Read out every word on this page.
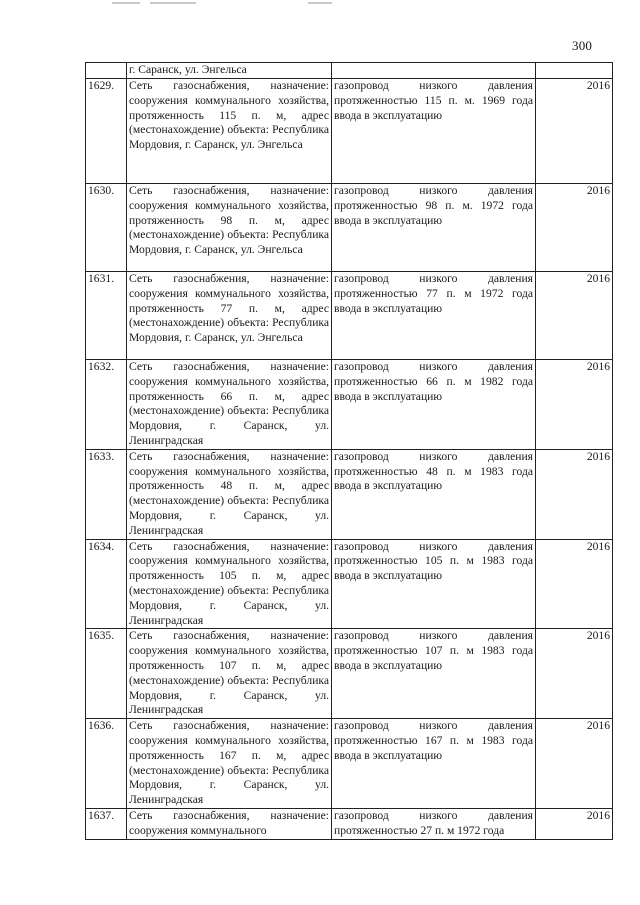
300

	г. Саранск, ул. Энгельса		

1629.	Сеть газоснабжения, назначение: сооружения коммунального хозяйства, протяженность 115 п. м, адрес (местонахождение) объекта: Республика Мордовия, г. Саранск, ул. Энгельса	газопровод низкого давления протяженностью 115 п. м. 1969 года ввода в эксплуатацию	2016
1630.	Сеть газоснабжения, назначение: сооружения коммунального хозяйства, протяженность 98 п. м, адрес (местонахождение) объекта: Республика Мордовия, г. Саранск, ул. Энгельса	газопровод низкого давления протяженностью 98 п. м. 1972 года ввода в эксплуатацию	2016
1631.	Сеть газоснабжения, назначение: сооружения коммунального хозяйства, протяженность 77 п. м, адрес (местонахождение) объекта: Республика Мордовия, г. Саранск, ул. Энгельса	газопровод низкого давления протяженностью 77 п. м 1972 года ввода в эксплуатацию	2016
1632.	Сеть газоснабжения, назначение: сооружения коммунального хозяйства, протяженность 66 п. м, адрес (местонахождение) объекта: Республика Мордовия, г. Саранск, ул. Ленинградская	газопровод низкого давления протяженностью 66 п. м 1982 года ввода в эксплуатацию	2016
1633.	Сеть газоснабжения, назначение: сооружения коммунального хозяйства, протяженность 48 п. м, адрес (местонахождение) объекта: Республика Мордовия, г. Саранск, ул. Ленинградская	газопровод низкого давления протяженностью 48 п. м 1983 года ввода в эксплуатацию	2016
1634.	Сеть газоснабжения, назначение: сооружения коммунального хозяйства, протяженность 105 п. м, адрес (местонахождение) объекта: Республика Мордовия, г. Саранск, ул. Ленинградская	газопровод низкого давления протяженностью 105 п. м 1983 года ввода в эксплуатацию	2016
1635.	Сеть газоснабжения, назначение: сооружения коммунального хозяйства, протяженность 107 п. м, адрес (местонахождение) объекта: Республика Мордовия, г. Саранск, ул. Ленинградская	газопровод низкого давления протяженностью 107 п. м 1983 года ввода в эксплуатацию	2016
1636.	Сеть газоснабжения, назначение: сооружения коммунального хозяйства, протяженность 167 п. м, адрес (местонахождение) объекта: Республика Мордовия, г. Саранск, ул. Ленинградская	газопровод низкого давления протяженностью 167 п. м 1983 года ввода в эксплуатацию	2016
1637.	Сеть газоснабжения, назначение: сооружения коммунального	газопровод низкого давления протяженностью 27 п. м 1972 года	2016
